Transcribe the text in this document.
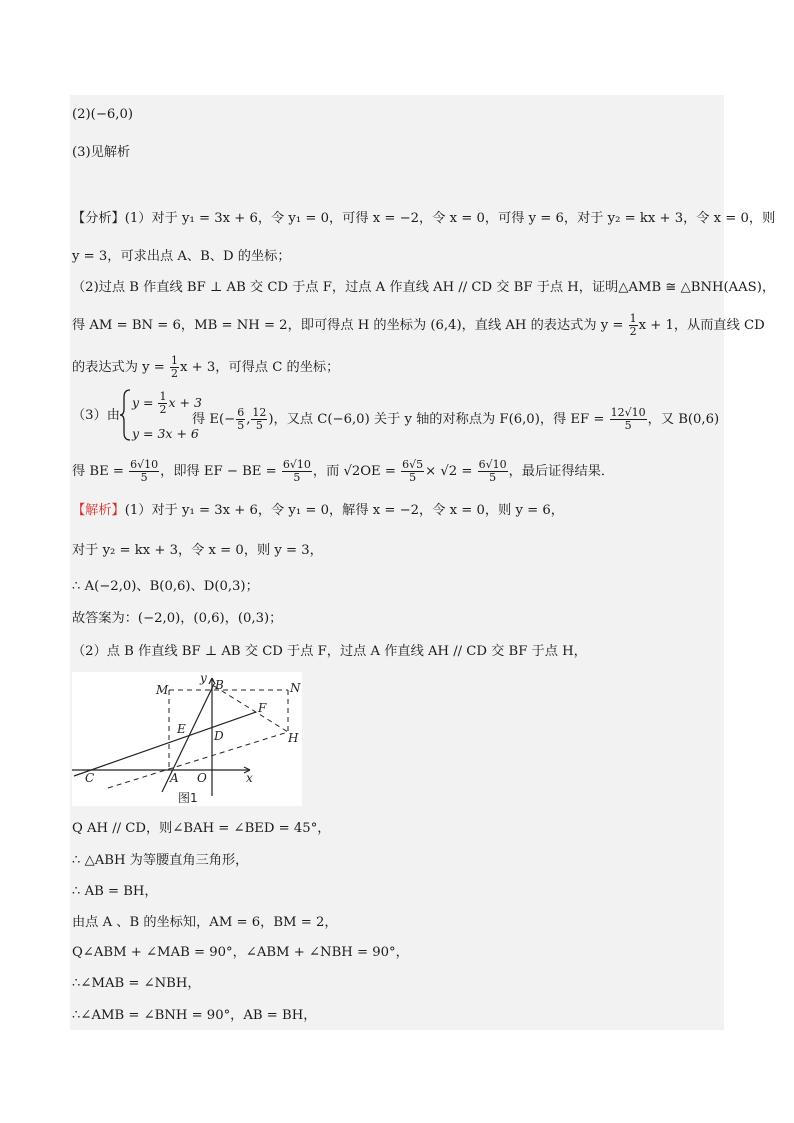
(2)(−6,0)
(3)见解析
【分析】(1）对于 y₁ = 3x + 6，令 y₁ = 0，可得 x = −2，令 x = 0，可得 y = 6，对于 y₂ = kx + 3，令 x = 0，则
y = 3，可求出点 A、B、D 的坐标；
（2)过点 B 作直线 BF ⊥ AB 交 CD 于点 F，过点 A 作直线 AH // CD 交 BF 于点 H，证明△AMB ≅ △BNH(AAS)，
得 AM = BN = 6，MB = NH = 2，即可得点 H 的坐标为 (6,4)，直线 AH 的表达式为 $y = \frac{1}{2}$ x + 1，从而直线 CD
的表达式为 $y = \frac{1}{2}$ x + 3，可得点 C 的坐标；
（3）由
$y = \frac{1}{2}$ x + 3
y = 3x + 6
得 $E(- \frac{6}{5}$ , $\frac{12}{5}$ )，又点 C(−6,0) 关于 y 轴的对称点为 F(6,0)，得 EF = $\frac{12√10}{5}$ ，又 B(0,6)
得 BE = $\frac{6√10}{5}$ ，即得 EF − BE = $\frac{6√10}{5}$ ，而 $√2OE = \frac{6√5}{5} \times √2 = \frac{6√10}{5}$ ，最后证得结果．
【解析】(1）对于 y₁ = 3x + 6，令 y₁ = 0，解得 x = −2，令 x = 0，则 y = 6，
对于 y₂ = kx + 3，令 x = 0，则 y = 3，
∴ A(−2,0)、B(0,6)、D(0,3)；
故答案为：(−2,0)，(0,6)，(0,3)；
（2）点 B 作直线 BF ⊥ AB 交 CD 于点 F，过点 A 作直线 AH // CD 交 BF 于点 H，
M
y B	N
F
E D	H
C	A O	x
图1
Q AH // CD，则∠BAH = ∠BED = 45°，
∴ △ABH 为等腰直角三角形，
∴ AB = BH，
由点 A 、B 的坐标知，AM = 6，BM = 2，
Q∠ABM + ∠MAB = 90°，∠ABM + ∠NBH = 90°，
∴∠MAB = ∠NBH，
∴∠AMB = ∠BNH = 90°，AB = BH，
